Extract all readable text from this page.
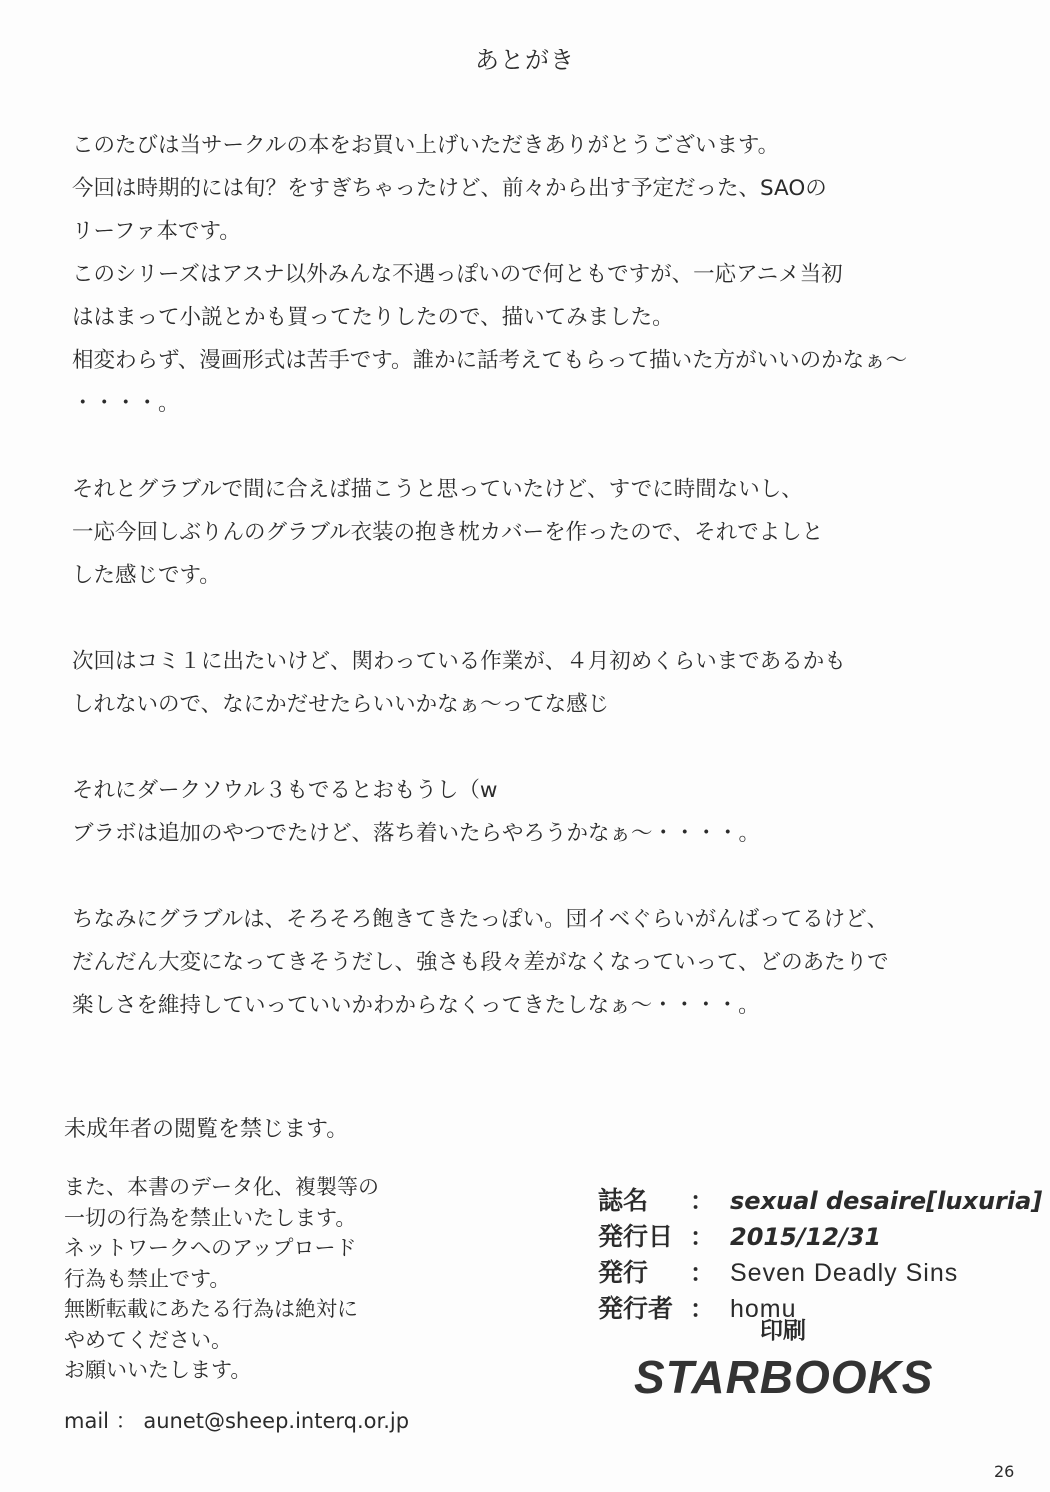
あとがき
このたびは当サークルの本をお買い上げいただきありがとうございます。
今回は時期的には旬？をすぎちゃったけど、前々から出す予定だった、SAOの
リーファ本です。
このシリーズはアスナ以外みんな不遇っぽいので何ともですが、一応アニメ当初
ははまって小説とかも買ってたりしたので、描いてみました。
相変わらず、漫画形式は苦手です。誰かに話考えてもらって描いた方がいいのかなぁ～
・・・・。
それとグラブルで間に合えば描こうと思っていたけど、すでに時間ないし、
一応今回しぶりんのグラブル衣装の抱き枕カバーを作ったので、それでよしと
した感じです。
次回はコミ１に出たいけど、関わっている作業が、４月初めくらいまであるかも
しれないので、なにかだせたらいいかなぁ～ってな感じ
それにダークソウル３もでるとおもうし（w
ブラボは追加のやつでたけど、落ち着いたらやろうかなぁ～・・・・。
ちなみにグラブルは、そろそろ飽きてきたっぽい。団イベぐらいがんばってるけど、
だんだん大変になってきそうだし、強さも段々差がなくなっていって、どのあたりで
楽しさを維持していっていいかわからなくってきたしなぁ～・・・・。
未成年者の閲覧を禁じます。
また、本書のデータ化、複製等の
一切の行為を禁止いたします。
ネットワークへのアップロード
行為も禁止です。
無断転載にあたる行為は絶対に
やめてください。
お願いいたします。
mail ： aunet@sheep.interq.or.jp
誌名 ： sexual desaire[luxuria]
発行日 ： 2015/12/31
発行 ： Seven Deadly Sins
発行者 ： homu
印刷
STARBOOKS
26
